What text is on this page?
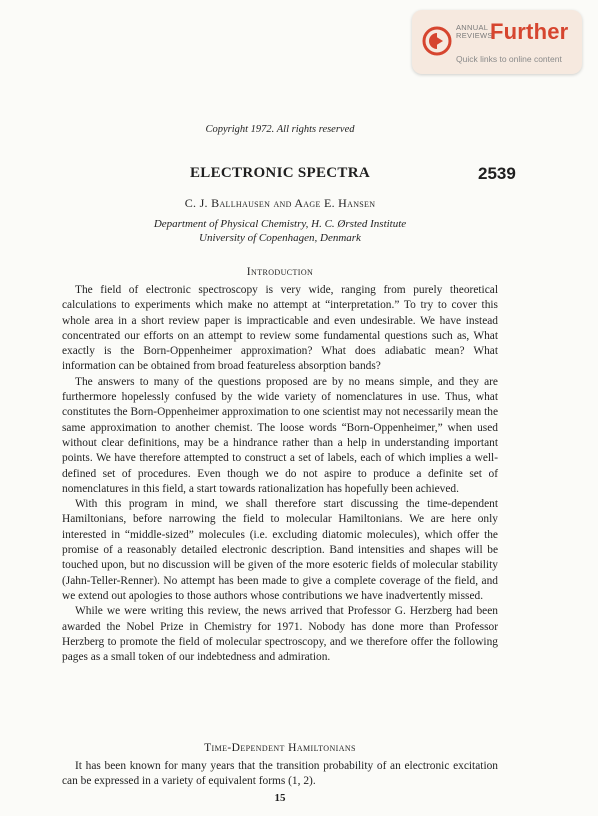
ANNUAL
REVIEWS
Further
Quick links to online content
Copyright 1972. All rights reserved
ELECTRONIC SPECTRA	2539
C. J. Ballhausen and Aage E. Hansen
Department of Physical Chemistry, H. C. Ørsted Institute
University of Copenhagen, Denmark
Introduction

The field of electronic spectroscopy is very wide, ranging from purely theoretical calculations to experiments which make no attempt at “interpretation.” To try to cover this whole area in a short review paper is impracticable and even undesirable. We have instead concentrated our efforts on an attempt to review some fundamental questions such as, What exactly is the Born-Oppenheimer approximation? What does adiabatic mean? What information can be obtained from broad featureless absorption bands?

The answers to many of the questions proposed are by no means simple, and they are furthermore hopelessly confused by the wide variety of nomenclatures in use. Thus, what constitutes the Born-Oppenheimer approximation to one scientist may not necessarily mean the same approximation to another chemist. The loose words “Born-Oppenheimer,” when used without clear definitions, may be a hindrance rather than a help in understanding important points. We have therefore attempted to construct a set of labels, each of which implies a well-defined set of procedures. Even though we do not aspire to produce a definite set of nomenclatures in this field, a start towards rationalization has hopefully been achieved.

With this program in mind, we shall therefore start discussing the time-dependent Hamiltonians, before narrowing the field to molecular Hamiltonians. We are here only interested in “middle-sized” molecules (i.e. excluding diatomic molecules), which offer the promise of a reasonably detailed electronic description. Band intensities and shapes will be touched upon, but no discussion will be given of the more esoteric fields of molecular stability (Jahn-Teller-Renner). No attempt has been made to give a complete coverage of the field, and we extend out apologies to those authors whose contributions we have inadvertently missed.

While we were writing this review, the news arrived that Professor G. Herzberg had been awarded the Nobel Prize in Chemistry for 1971. Nobody has done more than Professor Herzberg to promote the field of molecular spectroscopy, and we therefore offer the following pages as a small token of our indebtedness and admiration.

Time-Dependent Hamiltonians

It has been known for many years that the transition probability of an electronic excitation can be expressed in a variety of equivalent forms (1, 2).

15
